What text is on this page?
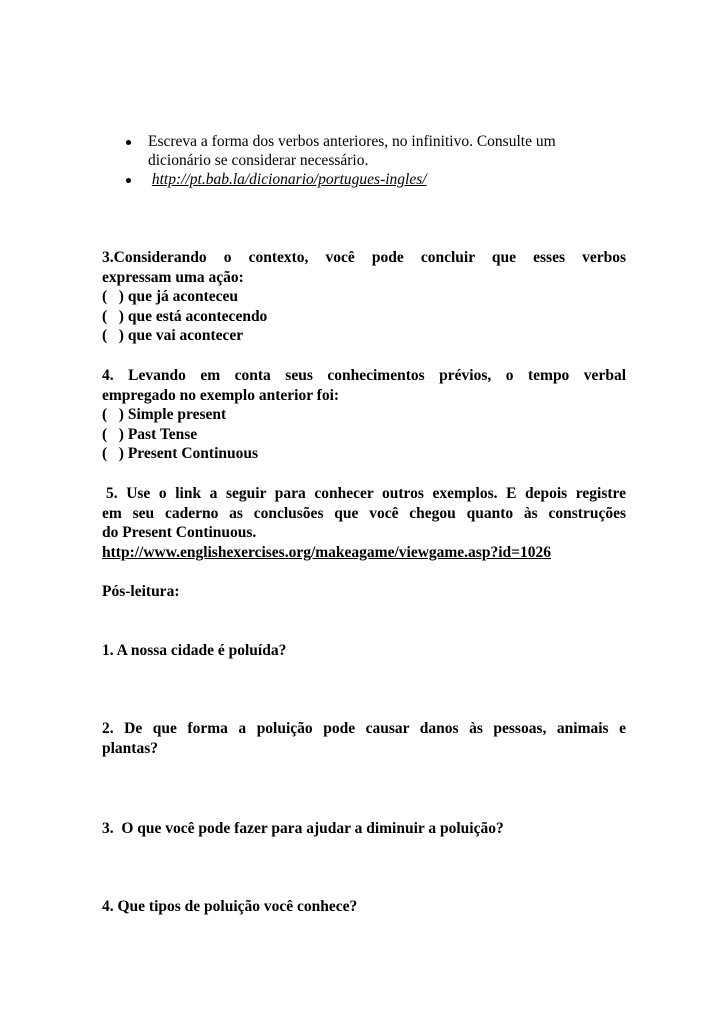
Escreva a forma dos verbos anteriores, no infinitivo. Consulte um
dicionário se considerar necessário.
http://pt.bab.la/dicionario/portugues-ingles/
3.Considerando o contexto, você pode concluir que esses verbos
expressam uma ação:
(   ) que já aconteceu
(   ) que está acontecendo
(   ) que vai acontecer
4. Levando em conta seus conhecimentos prévios, o tempo verbal
empregado no exemplo anterior foi:
(   ) Simple present
(   ) Past Tense
(   ) Present Continuous
5. Use o link a seguir para conhecer outros exemplos. E depois registre
em seu caderno as conclusões que você chegou quanto às construções
do Present Continuous.
http://www.englishexercises.org/makeagame/viewgame.asp?id=1026
Pós-leitura:
1. A nossa cidade é poluída?
2. De que forma a poluição pode causar danos às pessoas, animais e
plantas?
3.  O que você pode fazer para ajudar a diminuir a poluição?
4. Que tipos de poluição você conhece?
